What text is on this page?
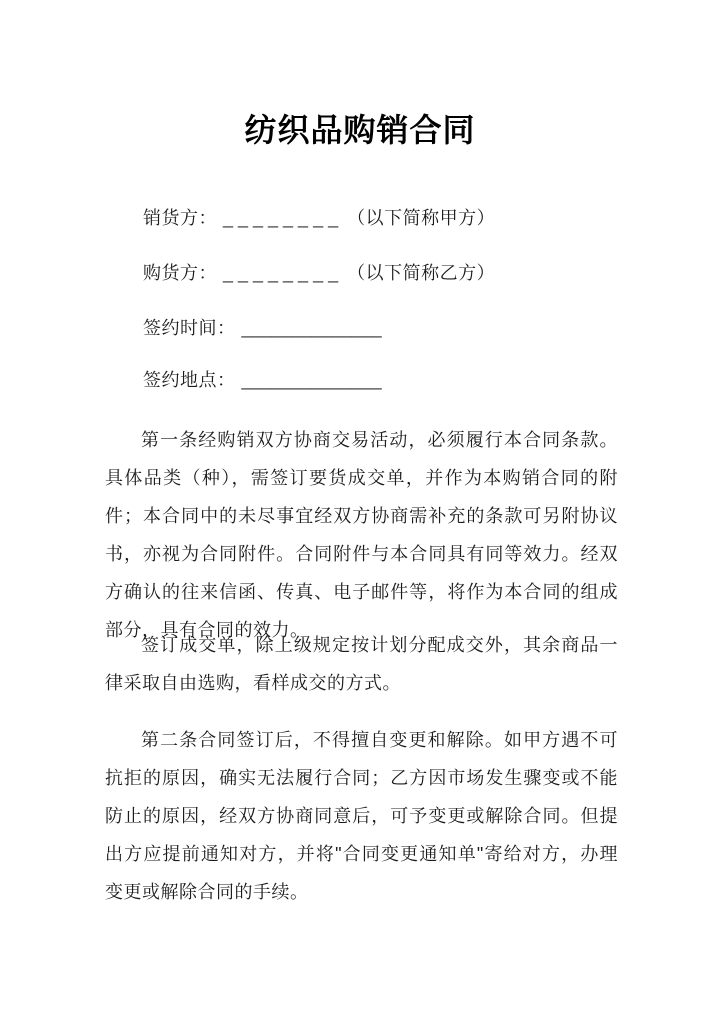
纺织品购销合同

销货方： ________ （以下简称甲方）

购货方： ________ （以下简称乙方）

签约时间： ______________

签约地点： ______________

第一条经购销双方协商交易活动，必须履行本合同条款。具体品类（种），需签订要货成交单，并作为本购销合同的附件；本合同中的未尽事宜经双方协商需补充的条款可另附协议书，亦视为合同附件。合同附件与本合同具有同等效力。经双方确认的往来信函、传真、电子邮件等，将作为本合同的组成部分，具有合同的效力。

签订成交单，除上级规定按计划分配成交外，其余商品一律采取自由选购，看样成交的方式。

第二条合同签订后，不得擅自变更和解除。如甲方遇不可抗拒的原因，确实无法履行合同；乙方因市场发生骤变或不能防止的原因，经双方协商同意后，可予变更或解除合同。但提出方应提前通知对方，并将"合同变更通知单"寄给对方，办理变更或解除合同的手续。
